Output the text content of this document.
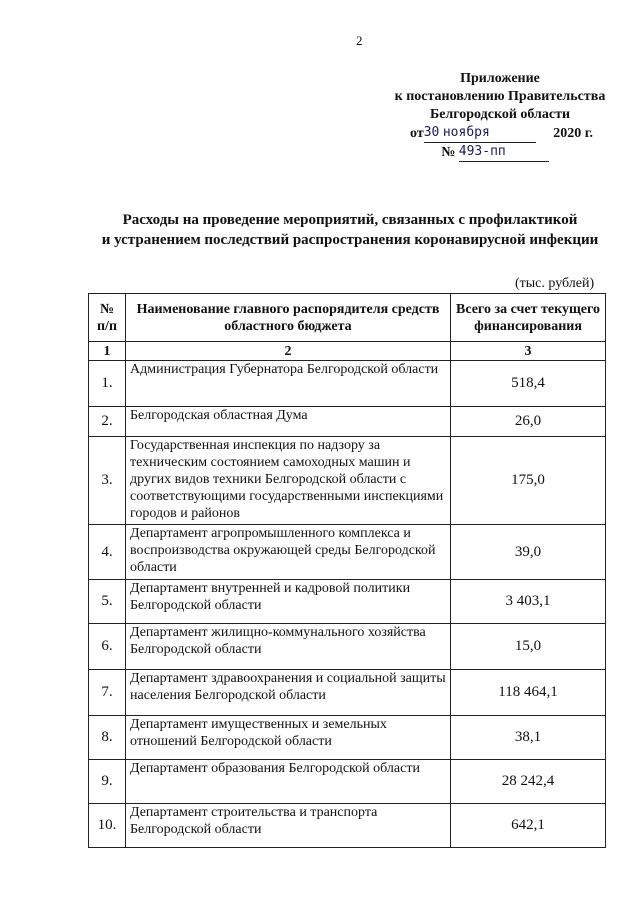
2
Приложение
к постановлению Правительства
Белгородской области
от30 ноября	2020 г.
№ 493-пп
Расходы на проведение мероприятий, связанных с профилактикой
и устранением последствий распространения коронавирусной инфекции
(тыс. рублей)
№ п/п	Наименование главного распорядителя средств областного бюджета	Всего за счет текущего финансирования
1	2	3
1.	Администрация Губернатора Белгородской области	518,4
2.	Белгородская областная Дума	26,0
3.	Государственная инспекция по надзору за техническим состоянием самоходных машин и других видов техники Белгородской области с соответствующими государственными инспекциями городов и районов	175,0
4.	Департамент агропромышленного комплекса и воспроизводства окружающей среды Белгородской области	39,0
5.	Департамент внутренней и кадровой политики Белгородской области	3 403,1
6.	Департамент жилищно-коммунального хозяйства Белгородской области	15,0
7.	Департамент здравоохранения и социальной защиты населения Белгородской области	118 464,1
8.	Департамент имущественных и земельных отношений Белгородской области	38,1
9.	Департамент образования Белгородской области	28 242,4
10.	Департамент строительства и транспорта Белгородской области	642,1
